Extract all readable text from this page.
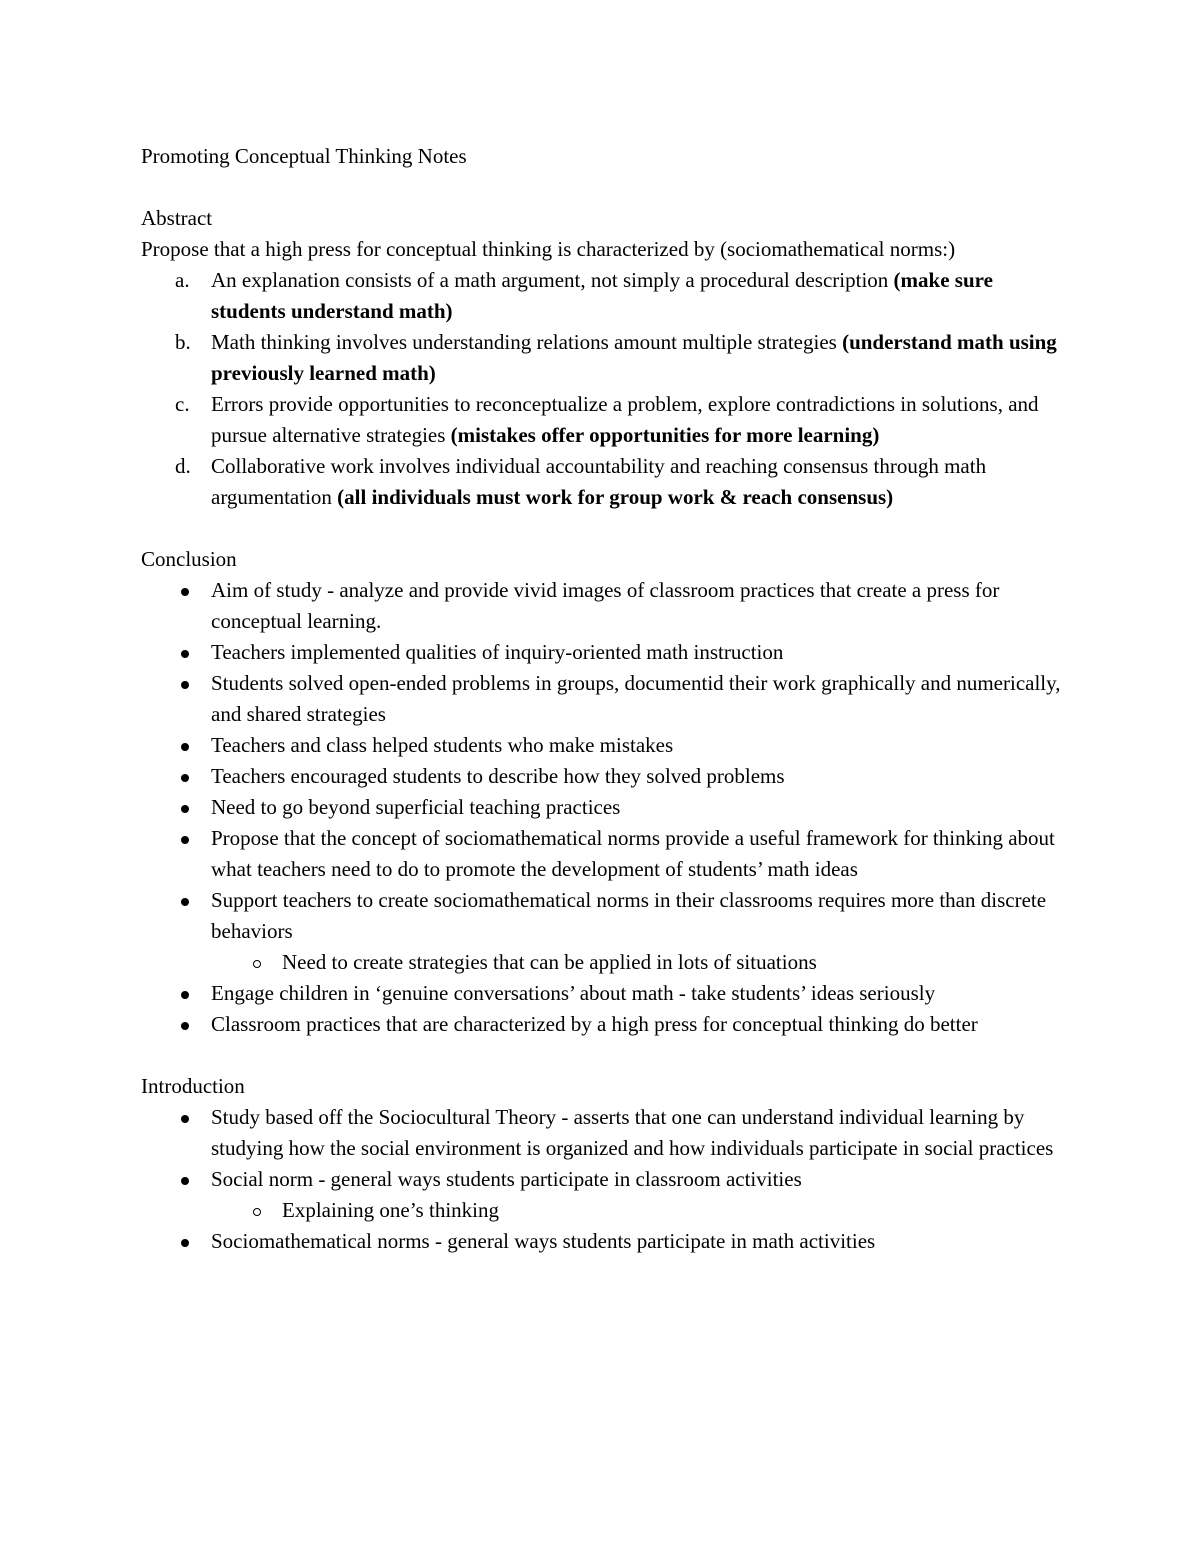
Promoting Conceptual Thinking Notes
Abstract

Propose that a high press for conceptual thinking is characterized by (sociomathematical norms:)

a. An explanation consists of a math argument, not simply a procedural description (make sure students understand math)
b. Math thinking involves understanding relations amount multiple strategies (understand math using previously learned math)
c. Errors provide opportunities to reconceptualize a problem, explore contradictions in solutions, and pursue alternative strategies (mistakes offer opportunities for more learning)
d. Collaborative work involves individual accountability and reaching consensus through math argumentation (all individuals must work for group work & reach consensus)
Conclusion
Aim of study - analyze and provide vivid images of classroom practices that create a press for conceptual learning.
Teachers implemented qualities of inquiry-oriented math instruction
Students solved open-ended problems in groups, documentid their work graphically and numerically, and shared strategies
Teachers and class helped students who make mistakes
Teachers encouraged students to describe how they solved problems
Need to go beyond superficial teaching practices
Propose that the concept of sociomathematical norms provide a useful framework for thinking about what teachers need to do to promote the development of students’ math ideas
Support teachers to create sociomathematical norms in their classrooms requires more than discrete behaviors
Need to create strategies that can be applied in lots of situations
Engage children in ‘genuine conversations’ about math - take students’ ideas seriously
Classroom practices that are characterized by a high press for conceptual thinking do better
Introduction
Study based off the Sociocultural Theory - asserts that one can understand individual learning by studying how the social environment is organized and how individuals participate in social practices
Social norm - general ways students participate in classroom activities
Explaining one’s thinking
Sociomathematical norms - general ways students participate in math activities
